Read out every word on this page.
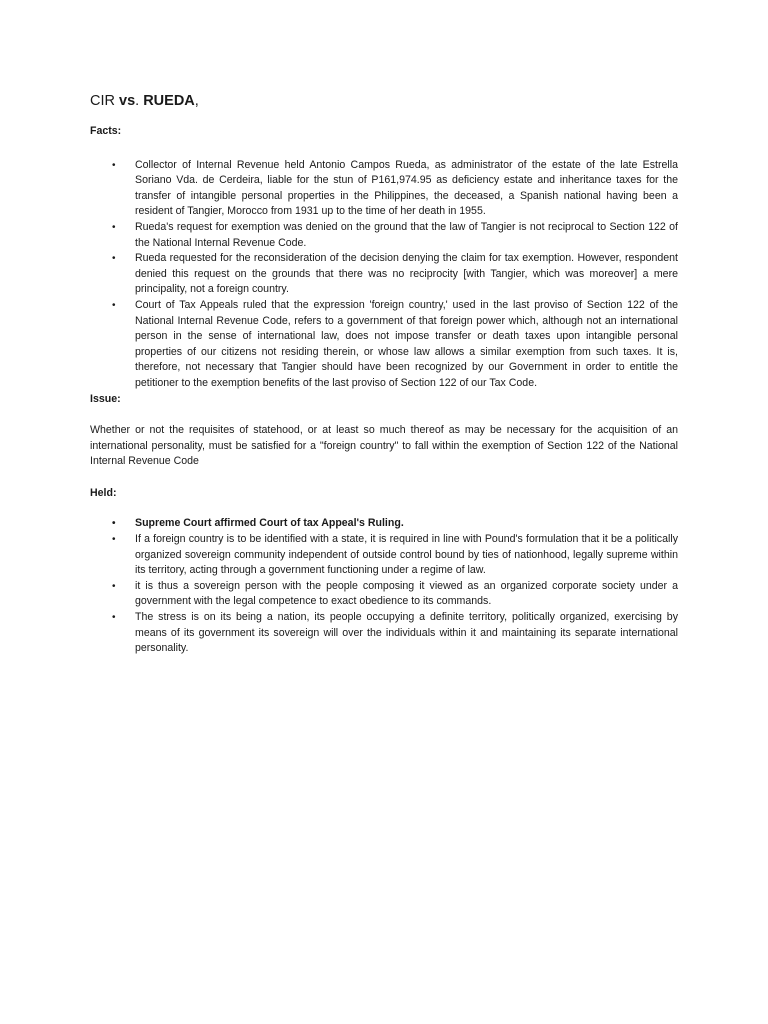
CIR vs. RUEDA,

Facts:

• Collector of Internal Revenue held Antonio Campos Rueda, as administrator of the estate of the late Estrella Soriano Vda. de Cerdeira, liable for the stun of P161,974.95 as deficiency estate and inheritance taxes for the transfer of intangible personal properties in the Philippines, the deceased, a Spanish national having been a resident of Tangier, Morocco from 1931 up to the time of her death in 1955.
• Rueda's request for exemption was denied on the ground that the law of Tangier is not reciprocal to Section 122 of the National Internal Revenue Code.
• Rueda requested for the reconsideration of the decision denying the claim for tax exemption. However, respondent denied this request on the grounds that there was no reciprocity [with Tangier, which was moreover] a mere principality, not a foreign country.
• Court of Tax Appeals ruled that the expression 'foreign country,' used in the last proviso of Section 122 of the National Internal Revenue Code, refers to a government of that foreign power which, although not an international person in the sense of international law, does not impose transfer or death taxes upon intangible personal properties of our citizens not residing therein, or whose law allows a similar exemption from such taxes. It is, therefore, not necessary that Tangier should have been recognized by our Government in order to entitle the petitioner to the exemption benefits of the last proviso of Section 122 of our Tax Code.

Issue:

Whether or not the requisites of statehood, or at least so much thereof as may be necessary for the acquisition of an international personality, must be satisfied for a "foreign country" to fall within the exemption of Section 122 of the National Internal Revenue Code

Held:

• Supreme Court affirmed Court of tax Appeal's Ruling.
• If a foreign country is to be identified with a state, it is required in line with Pound's formulation that it be a politically organized sovereign community independent of outside control bound by ties of nationhood, legally supreme within its territory, acting through a government functioning under a regime of law.
• it is thus a sovereign person with the people composing it viewed as an organized corporate society under a government with the legal competence to exact obedience to its commands.
• The stress is on its being a nation, its people occupying a definite territory, politically organized, exercising by means of its government its sovereign will over the individuals within it and maintaining its separate international personality.
